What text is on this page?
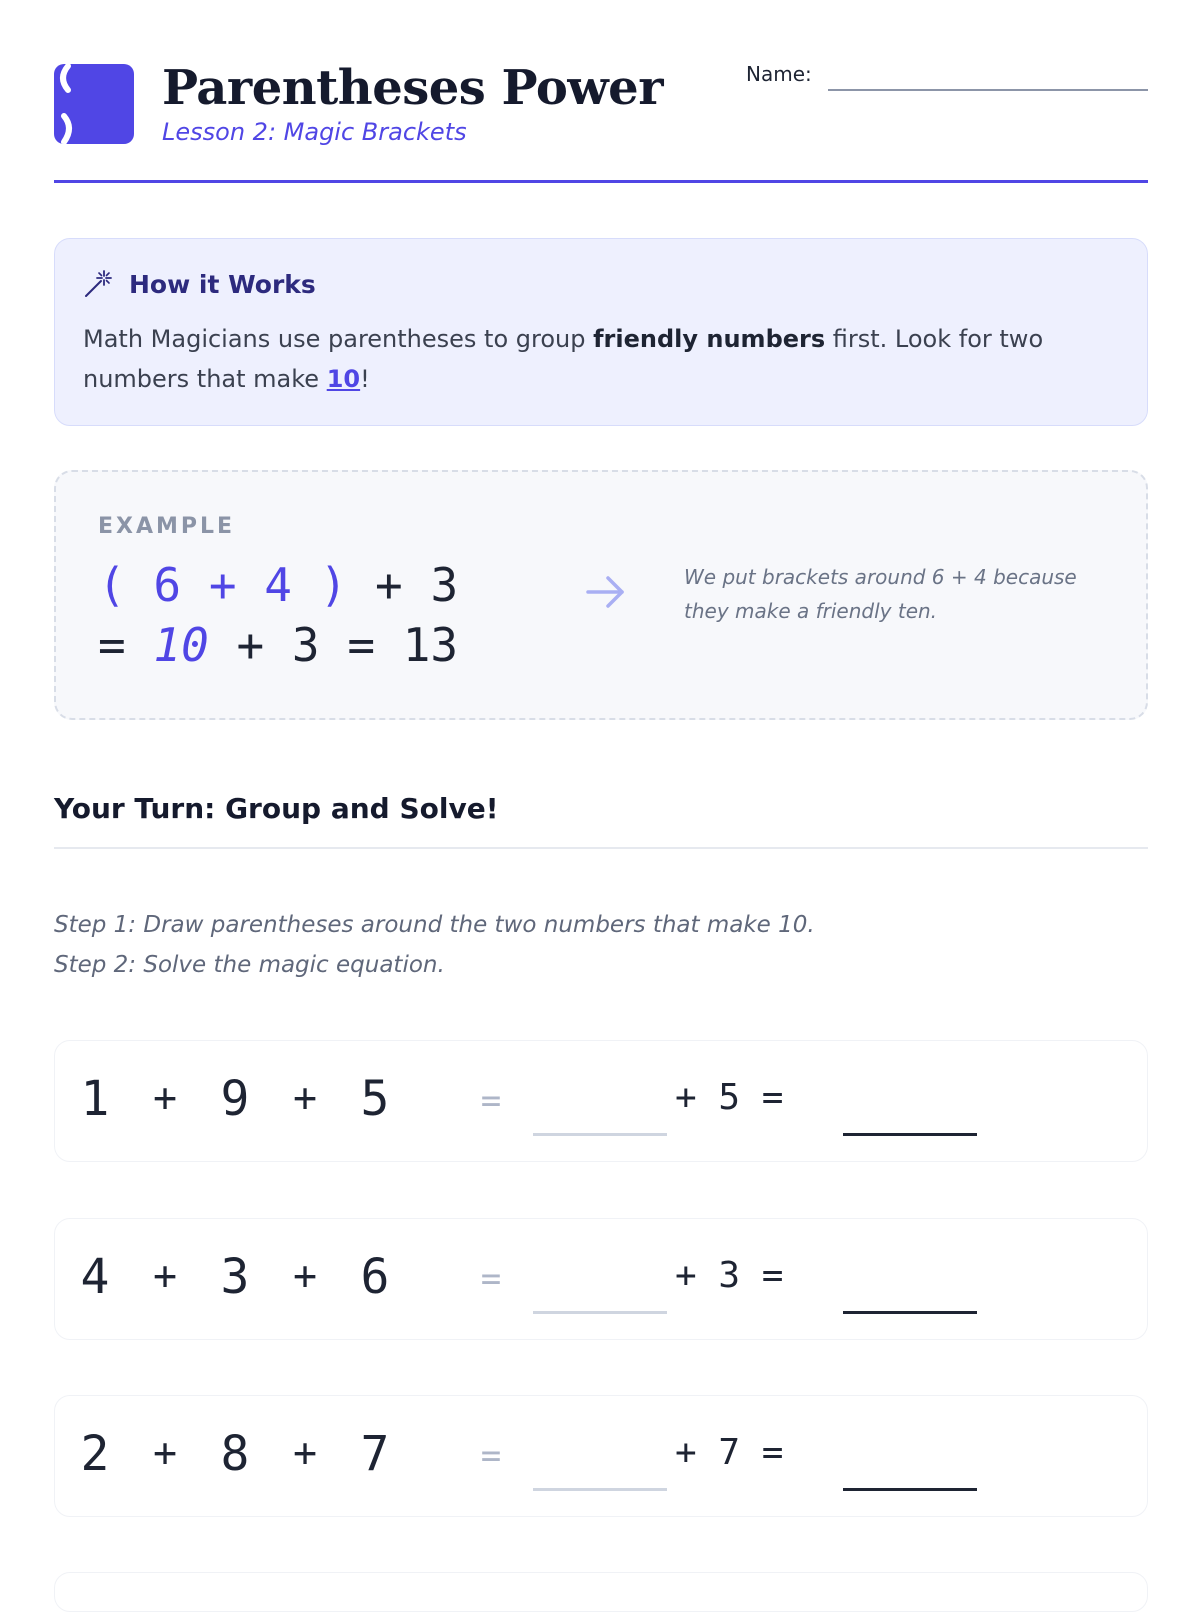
Parentheses Power
Lesson 2: Magic Brackets
Name:
How it Works
Math Magicians use parentheses to group friendly numbers first. Look for two numbers that make 10!
EXAMPLE
( 6 + 4 ) + 3
= 10 + 3 = 13
We put brackets around 6 + 4 because they make a friendly ten.
Your Turn: Group and Solve!
Step 1: Draw parentheses around the two numbers that make 10.
Step 2: Solve the magic equation.
1 + 9 + 5	=	+ 5 =
4 + 3 + 6	=	+ 3 =
2 + 8 + 7	=	+ 7 =
